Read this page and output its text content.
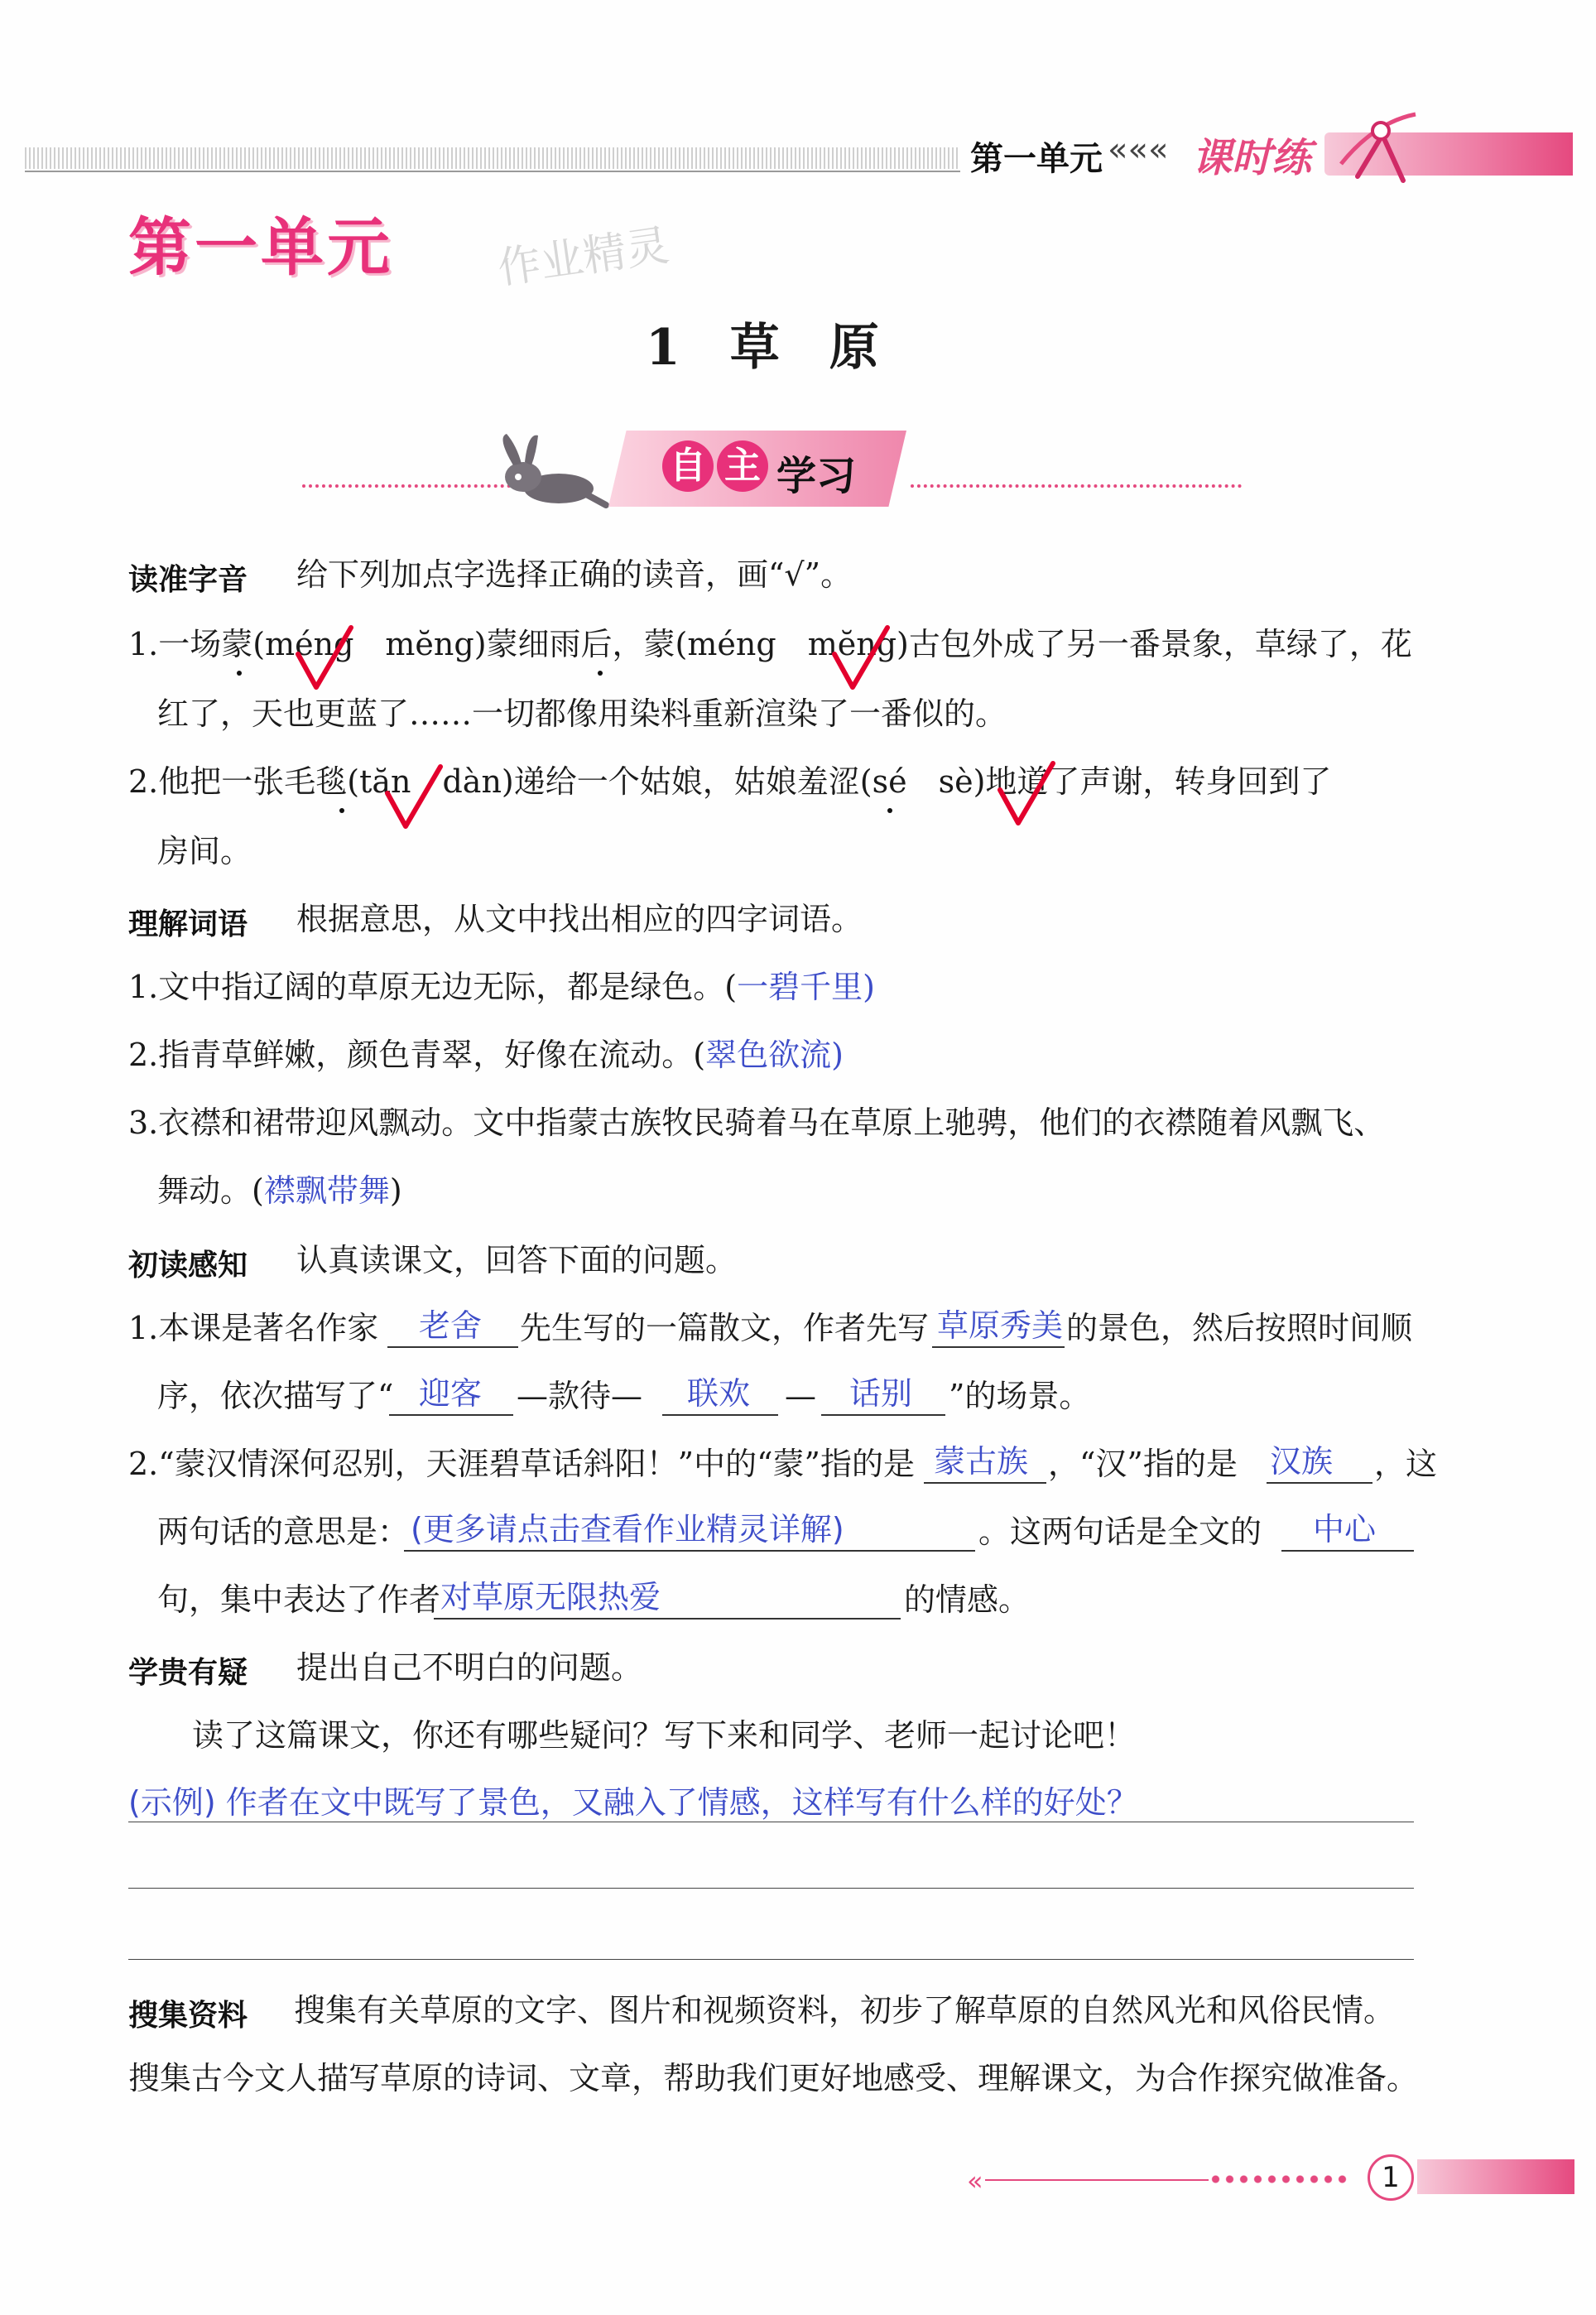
第一单元 ««« 课时练
第一单元 作业精灵
1　草　原
自 主 学习
读准字音 给下列加点字选择正确的读音，画“√”。
1.一场蒙(méng　mĕng)蒙细雨后，蒙(méng　mĕng)古包外成了另一番景象，草绿了，花
红了，天也更蓝了……一切都像用染料重新渲染了一番似的。
2.他把一张毛毯(tăn　dàn)递给一个姑娘，姑娘羞涩(sé　sè)地道了声谢，转身回到了
房间。
理解词语 根据意思，从文中找出相应的四字词语。
1.文中指辽阔的草原无边无际，都是绿色。(一碧千里)
2.指青草鲜嫩，颜色青翠，好像在流动。(翠色欲流)
3.衣襟和裙带迎风飘动。文中指蒙古族牧民骑着马在草原上驰骋，他们的衣襟随着风飘飞、
舞动。(襟飘带舞)
初读感知 认真读课文，回答下面的问题。
1.本课是著名作家 老舍 先生写的一篇散文，作者先写 草原秀美 的景色，然后按照时间顺
序，依次描写了“ 迎客 —款待— 联欢 — 话别 ”的场景。
2.“蒙汉情深何忍别，天涯碧草话斜阳！”中的“蒙”指的是 蒙古族 ，“汉”指的是 汉族 ，这
两句话的意思是： (更多请点击查看作业精灵详解)	。这两句话是全文的 中心
句，集中表达了作者 对草原无限热爱	的情感。
学贵有疑 提出自己不明白的问题。
读了这篇课文，你还有哪些疑问？写下来和同学、老师一起讨论吧！
(示例) 作者在文中既写了景色，又融入了情感，这样写有什么样的好处？
搜集资料 搜集有关草原的文字、图片和视频资料，初步了解草原的自然风光和风俗民情。
搜集古今文人描写草原的诗词、文章，帮助我们更好地感受、理解课文，为合作探究做准备。
«	1
